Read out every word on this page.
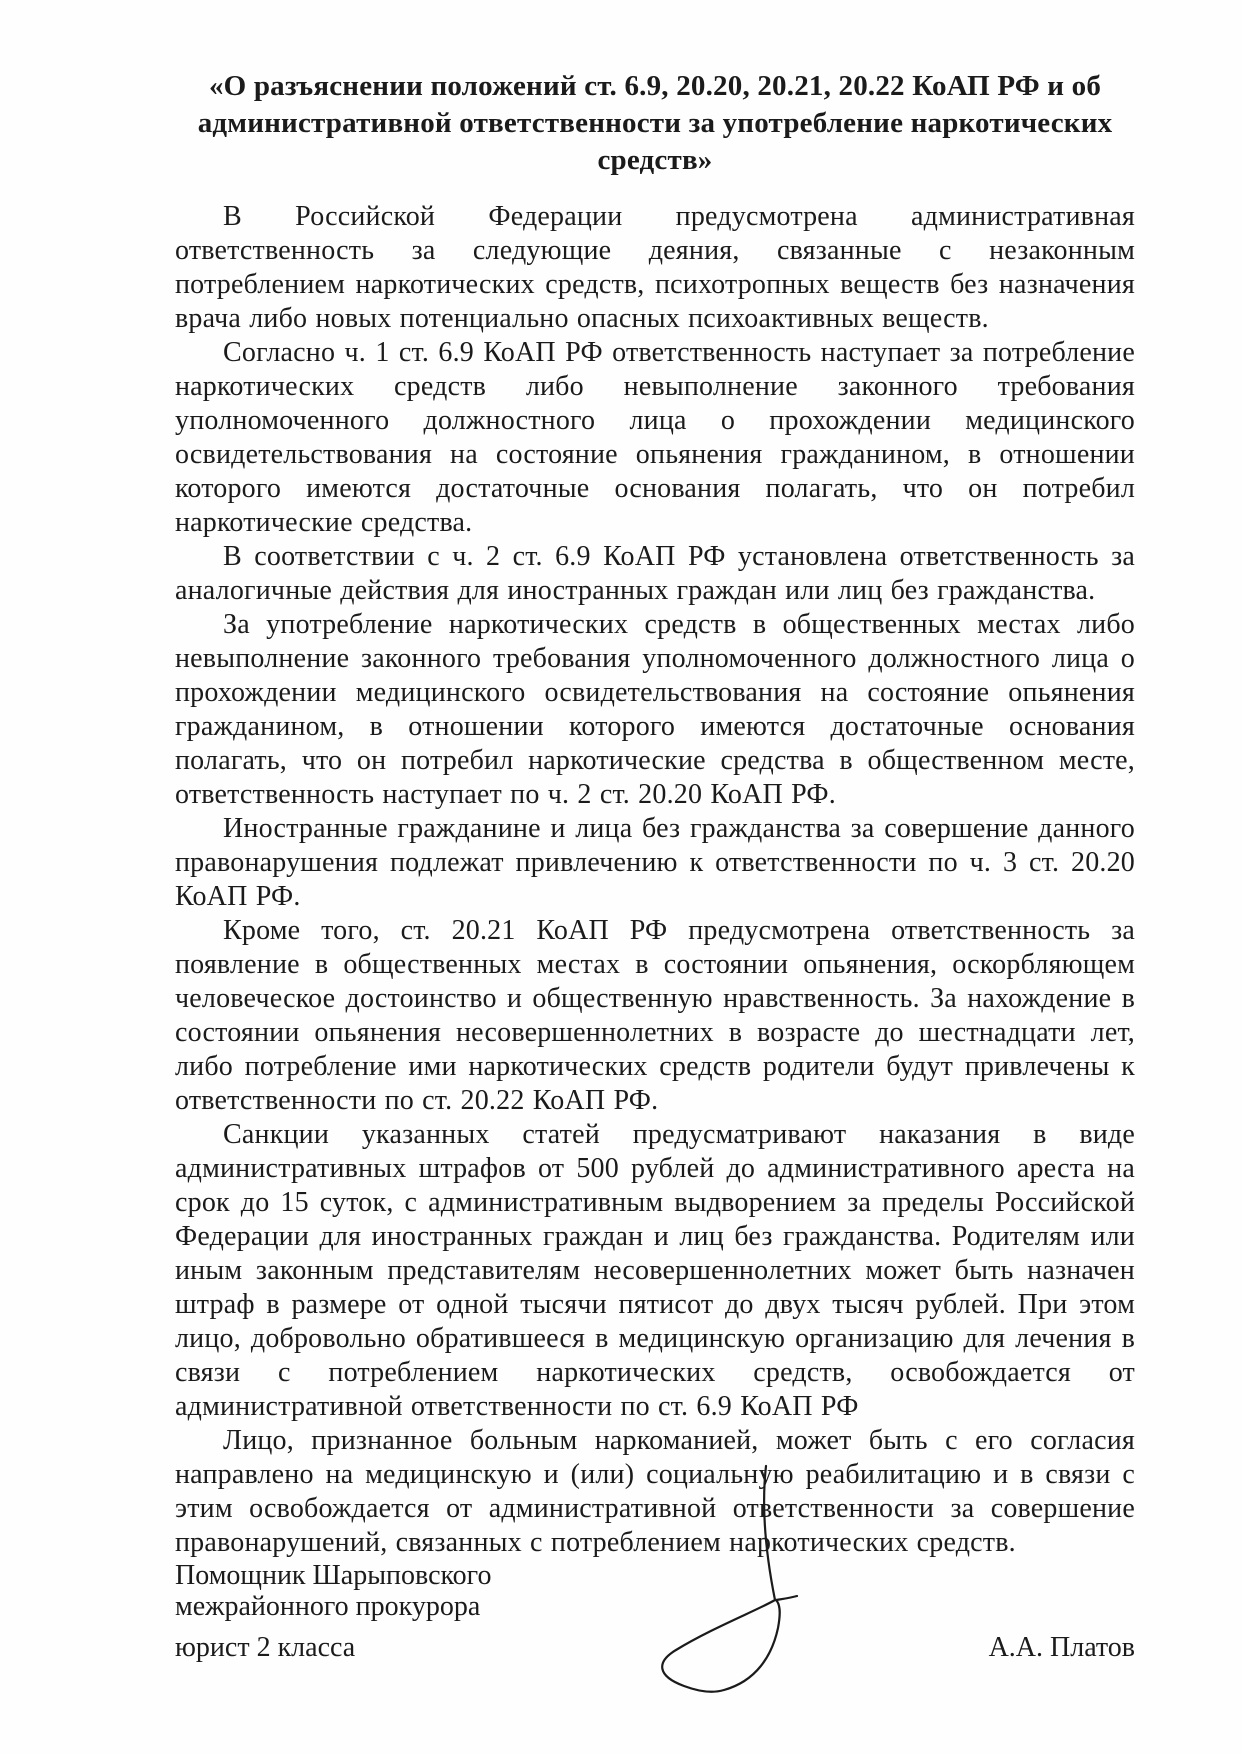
«О разъяснении положений ст. 6.9, 20.20, 20.21, 20.22 КоАП РФ и об административной ответственности за употребление наркотических средств»

В Российской Федерации предусмотрена административная ответственность за следующие деяния, связанные с незаконным потреблением наркотических средств, психотропных веществ без назначения врача либо новых потенциально опасных психоактивных веществ.

Согласно ч. 1 ст. 6.9 КоАП РФ ответственность наступает за потребление наркотических средств либо невыполнение законного требования уполномоченного должностного лица о прохождении медицинского освидетельствования на состояние опьянения гражданином, в отношении которого имеются достаточные основания полагать, что он потребил наркотические средства.

В соответствии с ч. 2 ст. 6.9 КоАП РФ установлена ответственность за аналогичные действия для иностранных граждан или лиц без гражданства.

За употребление наркотических средств в общественных местах либо невыполнение законного требования уполномоченного должностного лица о прохождении медицинского освидетельствования на состояние опьянения гражданином, в отношении которого имеются достаточные основания полагать, что он потребил наркотические средства в общественном месте, ответственность наступает по ч. 2 ст. 20.20 КоАП РФ.

Иностранные гражданине и лица без гражданства за совершение данного правонарушения подлежат привлечению к ответственности по ч. 3 ст. 20.20 КоАП РФ.

Кроме того, ст. 20.21 КоАП РФ предусмотрена ответственность за появление в общественных местах в состоянии опьянения, оскорбляющем человеческое достоинство и общественную нравственность. За нахождение в состоянии опьянения несовершеннолетних в возрасте до шестнадцати лет, либо потребление ими наркотических средств родители будут привлечены к ответственности по ст. 20.22 КоАП РФ.

Санкции указанных статей предусматривают наказания в виде административных штрафов от 500 рублей до административного ареста на срок до 15 суток, с административным выдворением за пределы Российской Федерации для иностранных граждан и лиц без гражданства. Родителям или иным законным представителям несовершеннолетних может быть назначен штраф в размере от одной тысячи пятисот до двух тысяч рублей. При этом лицо, добровольно обратившееся в медицинскую организацию для лечения в связи с потреблением наркотических средств, освобождается от административной ответственности по ст. 6.9 КоАП РФ

Лицо, признанное больным наркоманией, может быть с его согласия направлено на медицинскую и (или) социальную реабилитацию и в связи с этим освобождается от административной ответственности за совершение правонарушений, связанных с потреблением наркотических средств.

Помощник Шарыповского
межрайонного прокурора
юрист 2 класса	А.А. Платов
